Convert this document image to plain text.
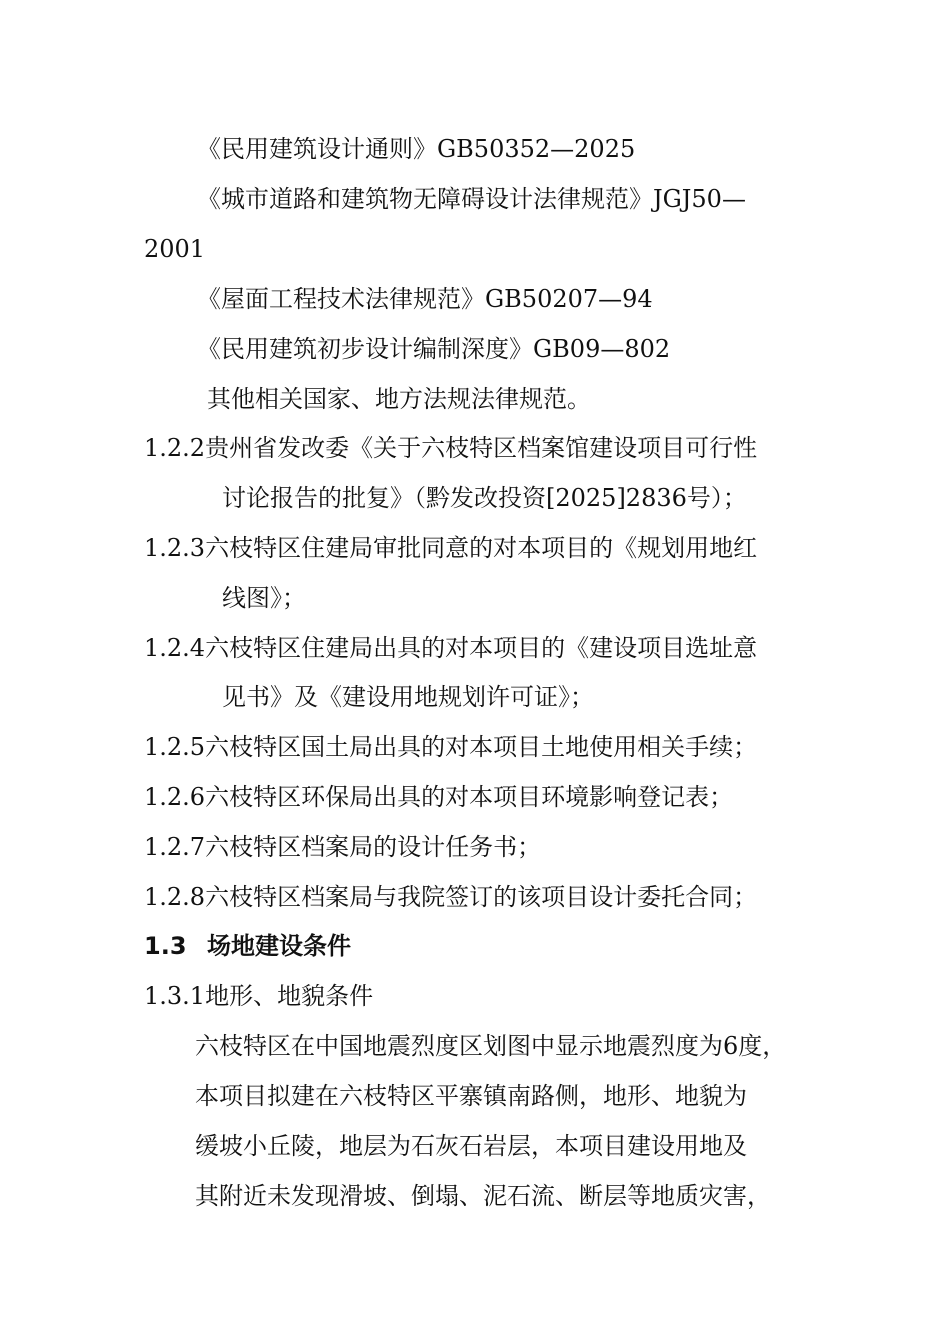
《民用建筑设计通则》GB50352—2025
《城市道路和建筑物无障碍设计法律规范》JGJ50—
2001
《屋面工程技术法律规范》GB50207—94
《民用建筑初步设计编制深度》GB09—802
其他相关国家、地方法规法律规范。
1.2.2贵州省发改委《关于六枝特区档案馆建设项目可行性
讨论报告的批复》（黔发改投资[2025]2836号）；
1.2.3六枝特区住建局审批同意的对本项目的《规划用地红
线图》；
1.2.4六枝特区住建局出具的对本项目的《建设项目选址意
见书》及《建设用地规划许可证》；
1.2.5六枝特区国土局出具的对本项目土地使用相关手续；
1.2.6六枝特区环保局出具的对本项目环境影响登记表；
1.2.7六枝特区档案局的设计任务书；
1.2.8六枝特区档案局与我院签订的该项目设计委托合同；
1.3 场地建设条件
1.3.1地形、地貌条件
六枝特区在中国地震烈度区划图中显示地震烈度为6度，
本项目拟建在六枝特区平寨镇南路侧，地形、地貌为
缓坡小丘陵，地层为石灰石岩层，本项目建设用地及
其附近未发现滑坡、倒塌、泥石流、断层等地质灾害，
